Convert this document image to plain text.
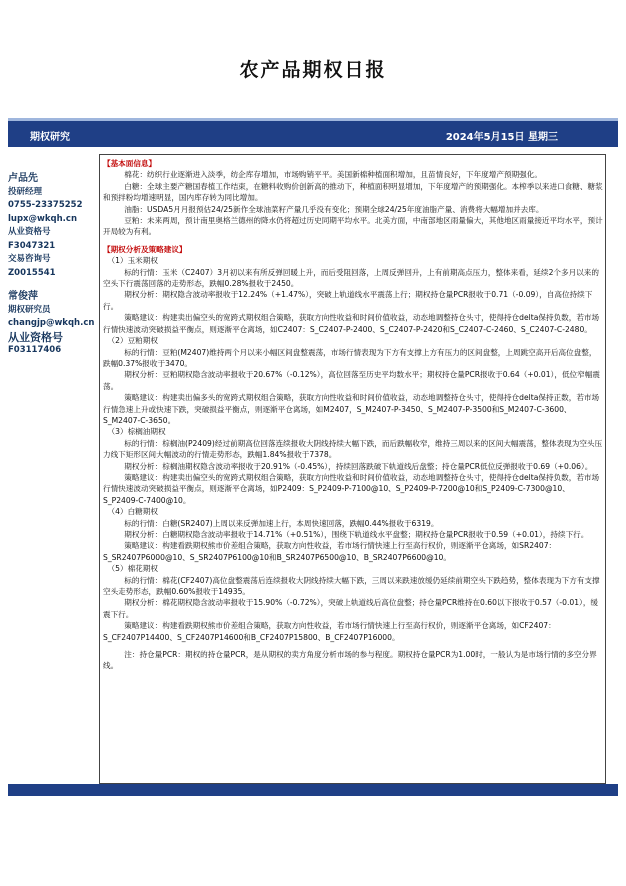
农产品期权日报
期权研究	2024年5月15日 星期三
卢品先
投研经理
0755-23375252
lupx@wkqh.cn
从业资格号
F3047321
交易咨询号
Z0015541
常俊萍
期权研究员
changjp@wkqh.cn
从业资格号
F03117406

【基本面信息】

棉花：纺织行业逐渐进入淡季，纺企库存增加，市场购销平平。美国新棉种植面积增加，且苗情良好，下年度增产预期强化。

白糖：全球主要产糖国春植工作结束，在糖料收购价创新高的推动下，种植面积明显增加，下年度增产的预期强化。本榨季以来进口食糖、糖浆和预拌粉均增速明显，国内库存转为同比增加。

油脂：USDA5月月报预估24/25新作全球油菜籽产量几乎没有变化；预期全球24/25年度油脂产量、消费将大幅增加并去库。

豆粕：未来两周，预计南里奥格兰德州的降水仍将超过历史同期平均水平。北美方面，中南部地区雨量偏大，其他地区雨量接近平均水平，预计开局较为有利。

【期权分析及策略建议】

（1）玉米期权

标的行情：玉米（C2407）3月初以来有所反弹回暖上升，而后受阻回落，上周反弹回升，上有前期高点压力，整体来看，延续2个多月以来的空头下行震荡回落的走势形态，跌幅0.28%报收于2450。

期权分析：期权隐含波动率报收于12.24%（+1.47%），突破上轨道线水平震荡上行；期权持仓量PCR报收于0.71（-0.09），自高位持续下行。

策略建议：构建卖出偏空头的宽跨式期权组合策略，获取方向性收益和时间价值收益，动态地调整持仓头寸，使得持仓delta保持负数，若市场行情快速波动突破损益平衡点，则逐渐平仓离场，如C2407：S_C2407-P-2400、S_C2407-P-2420和S_C2407-C-2460、S_C2407-C-2480。

（2）豆粕期权

标的行情：豆粕(M2407)维持两个月以来小幅区间盘整震荡，市场行情表现为下方有支撑上方有压力的区间盘整，上周跳空高开后高位盘整，跌幅0.37%报收于3470。

期权分析：豆粕期权隐含波动率报收于20.67%（-0.12%），高位回落至历史平均数水平；期权持仓量PCR报收于0.64（+0.01），低位窄幅震荡。

策略建议：构建卖出偏多头的宽跨式期权组合策略，获取方向性收益和时间价值收益，动态地调整持仓头寸，使得持仓delta保持正数，若市场行情急速上升或快速下跌，突破损益平衡点，则逐渐平仓离场，如M2407，S_M2407-P-3450、S_M2407-P-3500和S_M2407-C-3600、S_M2407-C-3650。

（3）棕榈油期权

标的行情：棕榈油(P2409)经过前期高位回落连续报收大阴线持续大幅下跌，而后跌幅收窄，维持三周以来的区间大幅震荡，整体表现为空头压力线下矩形区间大幅波动的行情走势形态，跌幅1.84%报收于7378。

期权分析：棕榈油期权隐含波动率报收于20.91%（-0.45%），持续回落跌破下轨道线后盘整；持仓量PCR低位反弹报收于0.69（+0.06）。

策略建议：构建卖出偏空头的宽跨式期权组合策略，获取方向性收益和时间价值收益，动态地调整持仓头寸，使得持仓delta保持负数，若市场行情快速波动突破损益平衡点，则逐渐平仓离场，如P2409：S_P2409-P-7100@10、S_P2409-P-7200@10和S_P2409-C-7300@10、S_P2409-C-7400@10。

（4）白糖期权

标的行情：白糖(SR2407)上周以来反弹加速上行，本周快速回落，跌幅0.44%报收于6319。

期权分析：白糖期权隐含波动率报收于14.71%（+0.51%），围绕下轨道线水平盘整；期权持仓量PCR报收于0.59（+0.01），持续下行。

策略建议：构建看跌期权熊市价差组合策略，获取方向性收益，若市场行情快速上行至高行权价，则逐渐平仓离场，如SR2407：S_SR2407P6000@10、S_SR2407P6100@10和B_SR2407P6500@10、B_SR2407P6600@10。

（5）棉花期权

标的行情：棉花(CF2407)高位盘整震荡后连续报收大阴线持续大幅下跌，三周以来跌速放缓仍延续前期空头下跌趋势，整体表现为下方有支撑空头走势形态，跌幅0.60%报收于14935。

期权分析：棉花期权隐含波动率报收于15.90%（-0.72%），突破上轨道线后高位盘整；持仓量PCR维持在0.60以下报收于0.57（-0.01），缓震下行。

策略建议：构建看跌期权熊市价差组合策略，获取方向性收益，若市场行情快速上行至高行权价，则逐渐平仓离场，如CF2407：S_CF2407P14400、S_CF2407P14600和B_CF2407P15800、B_CF2407P16000。

注：持仓量PCR：期权的持仓量PCR，是从期权的卖方角度分析市场的参与程度。期权持仓量PCR为1.00时，一般认为是市场行情的多空分界线。
